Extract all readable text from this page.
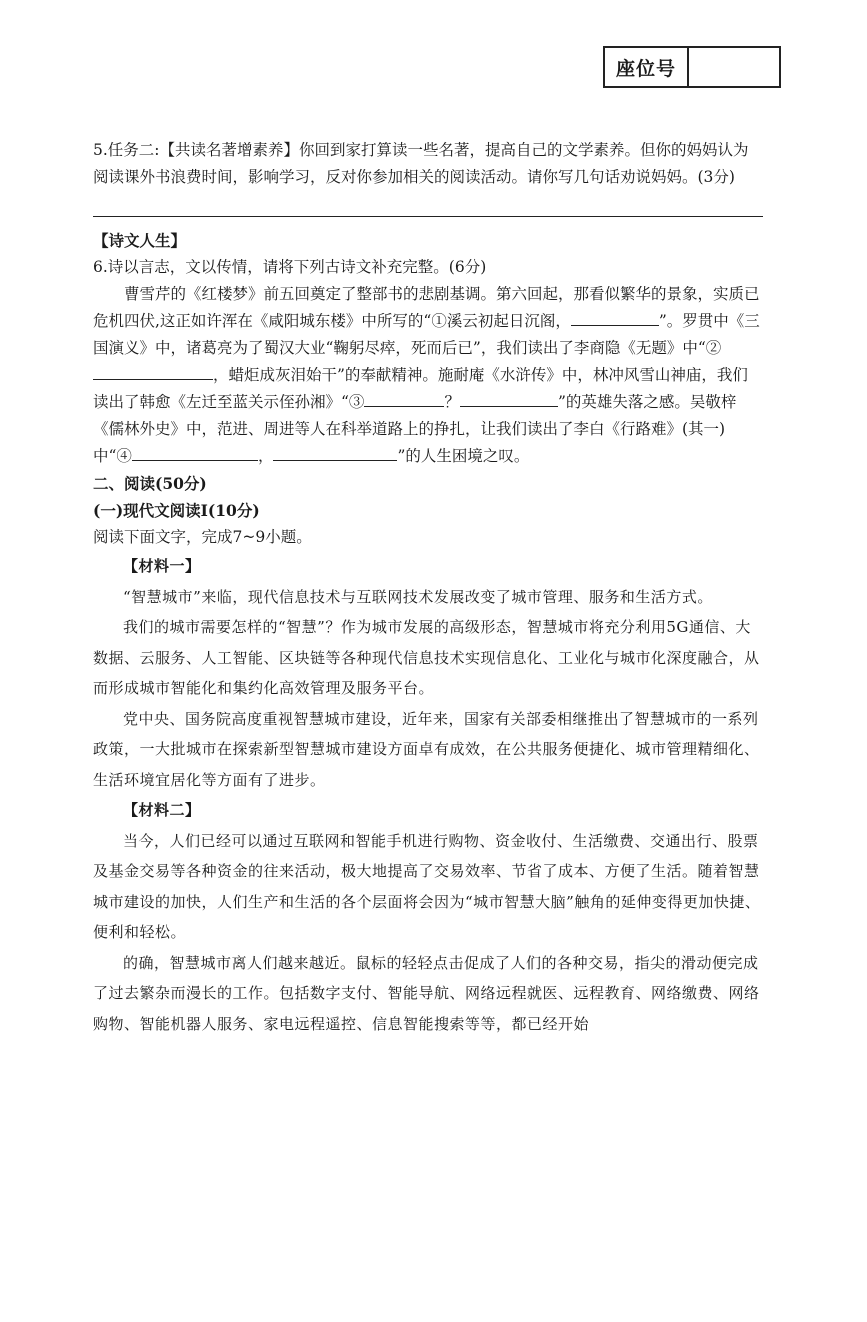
座位号

5.任务二:【共读名著增素养】你回到家打算读一些名著，提高自己的文学素养。但你的妈妈认为阅读课外书浪费时间，影响学习，反对你参加相关的阅读活动。请你写几句话劝说妈妈。(3分)

【诗文人生】

6.诗以言志，文以传情，请将下列古诗文补充完整。(6分)

曹雪芹的《红楼梦》前五回奠定了整部书的悲剧基调。第六回起，那看似繁华的景象，实质已危机四伏,这正如许浑在《咸阳城东楼》中所写的“①溪云初起日沉阁，	”。罗贯中《三国演义》中，诸葛亮为了蜀汉大业“鞠躬尽瘁，死而后已”，我们读出了李商隐《无题》中“②，蜡炬成灰泪始干”的奉献精神。施耐庵《水浒传》中，林冲风雪山神庙，我们读出了韩愈《左迁至蓝关示侄孙湘》“③	？	”的英雄失落之感。吴敬梓《儒林外史》中，范进、周进等人在科举道路上的挣扎，让我们读出了李白《行路难》(其一)中“④	，	”的人生困境之叹。

二、阅读(50分)

(一)现代文阅读Ⅰ(10分)

阅读下面文字，完成7~9小题。

【材料一】

“智慧城市”来临，现代信息技术与互联网技术发展改变了城市管理、服务和生活方式。

我们的城市需要怎样的“智慧”？作为城市发展的高级形态，智慧城市将充分利用5G通信、大数据、云服务、人工智能、区块链等各种现代信息技术实现信息化、工业化与城市化深度融合，从而形成城市智能化和集约化高效管理及服务平台。

党中央、国务院高度重视智慧城市建设，近年来，国家有关部委相继推出了智慧城市的一系列政策，一大批城市在探索新型智慧城市建设方面卓有成效，在公共服务便捷化、城市管理精细化、生活环境宜居化等方面有了进步。

【材料二】

当今，人们已经可以通过互联网和智能手机进行购物、资金收付、生活缴费、交通出行、股票及基金交易等各种资金的往来活动，极大地提高了交易效率、节省了成本、方便了生活。随着智慧城市建设的加快，人们生产和生活的各个层面将会因为“城市智慧大脑”触角的延伸变得更加快捷、便利和轻松。

的确，智慧城市离人们越来越近。鼠标的轻轻点击促成了人们的各种交易，指尖的滑动便完成了过去繁杂而漫长的工作。包括数字支付、智能导航、网络远程就医、远程教育、网络缴费、网络购物、智能机器人服务、家电远程遥控、信息智能搜索等等，都已经开始
